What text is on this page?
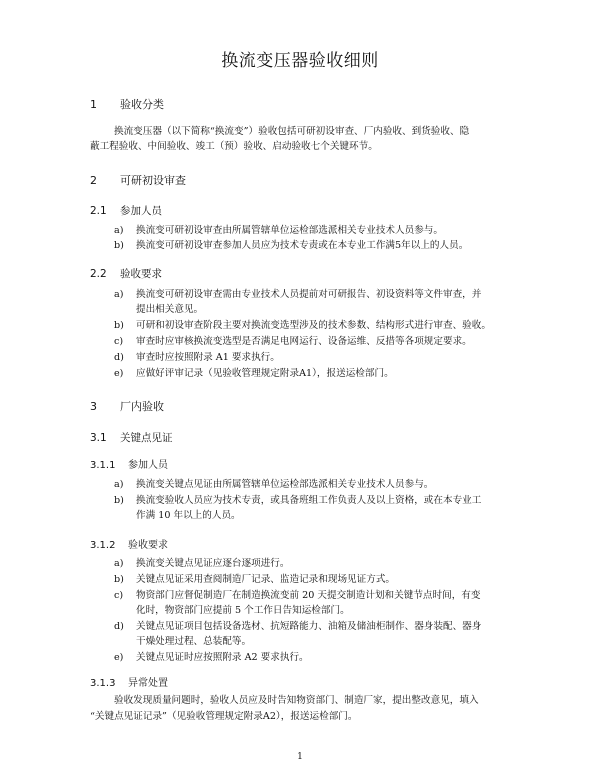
换流变压器验收细则
1 验收分类
换流变压器（以下简称“换流变”）验收包括可研初设审查、厂内验收、到货验收、隐
蔽工程验收、中间验收、竣工（预）验收、启动验收七个关键环节。
2 可研初设审查
2.1 参加人员
a) 换流变可研初设审查由所属管辖单位运检部选派相关专业技术人员参与。
b) 换流变可研初设审查参加人员应为技术专责或在本专业工作满5年以上的人员。
2.2 验收要求
a) 换流变可研初设审查需由专业技术人员提前对可研报告、初设资料等文件审查，并
提出相关意见。
b) 可研和初设审查阶段主要对换流变选型涉及的技术参数、结构形式进行审查、验收。
c) 审查时应审核换流变选型是否满足电网运行、设备运维、反措等各项规定要求。
d) 审查时应按照附录 A1 要求执行。
e) 应做好评审记录（见验收管理规定附录A1），报送运检部门。
3 厂内验收
3.1 关键点见证
3.1.1 参加人员
a) 换流变关键点见证由所属管辖单位运检部选派相关专业技术人员参与。
b) 换流变验收人员应为技术专责，或具备班组工作负责人及以上资格，或在本专业工
作满 10 年以上的人员。
3.1.2 验收要求
a) 换流变关键点见证应逐台逐项进行。
b) 关键点见证采用查阅制造厂记录、监造记录和现场见证方式。
c) 物资部门应督促制造厂在制造换流变前 20 天提交制造计划和关键节点时间，有变
化时，物资部门应提前 5 个工作日告知运检部门。
d) 关键点见证项目包括设备选材、抗短路能力、油箱及储油柜制作、器身装配、器身
干燥处理过程、总装配等。
e) 关键点见证时应按照附录 A2 要求执行。
3.1.3 异常处置
验收发现质量问题时，验收人员应及时告知物资部门、制造厂家，提出整改意见，填入
“关键点见证记录”（见验收管理规定附录A2），报送运检部门。
1
